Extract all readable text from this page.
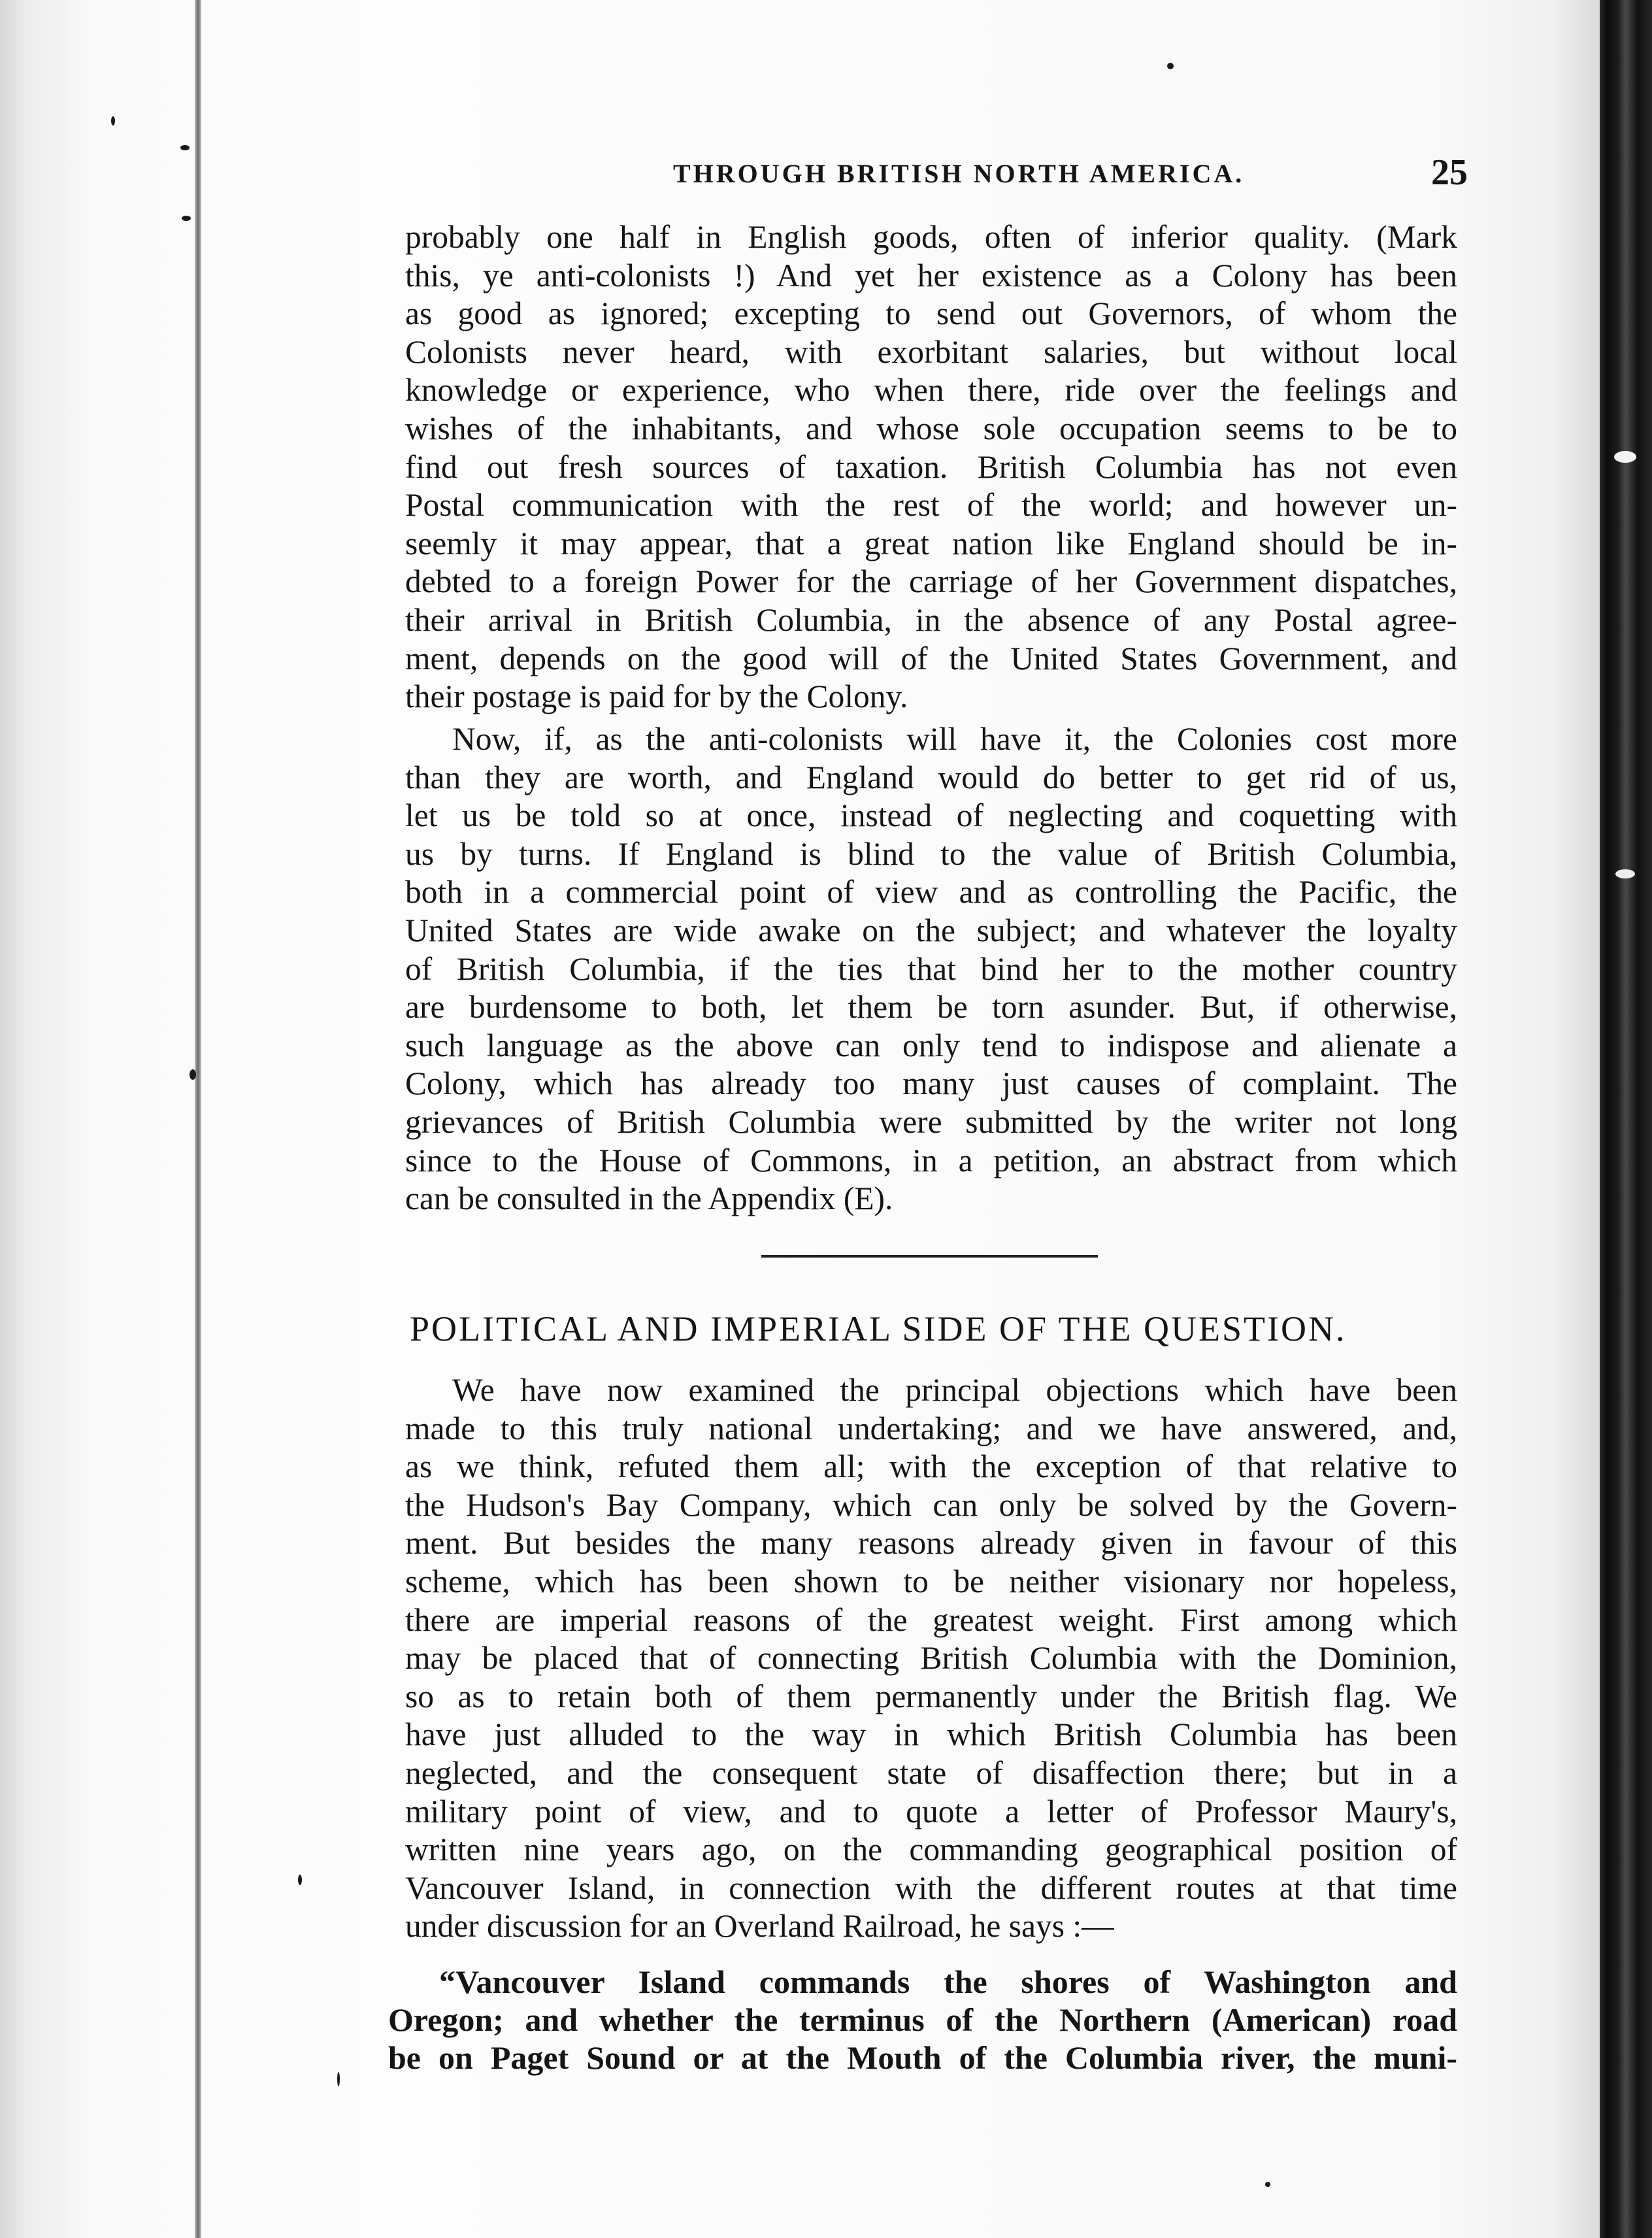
THROUGH BRITISH NORTH AMERICA.	25
probably one half in English goods, often of inferior quality. (Mark
this, ye anti-colonists !) And yet her existence as a Colony has been
as good as ignored; excepting to send out Governors, of whom the
Colonists never heard, with exorbitant salaries, but without local
knowledge or experience, who when there, ride over the feelings and
wishes of the inhabitants, and whose sole occupation seems to be to
find out fresh sources of taxation. British Columbia has not even
Postal communication with the rest of the world; and however un-
seemly it may appear, that a great nation like England should be in-
debted to a foreign Power for the carriage of her Government dispatches,
their arrival in British Columbia, in the absence of any Postal agree-
ment, depends on the good will of the United States Government, and
their postage is paid for by the Colony.
Now, if, as the anti-colonists will have it, the Colonies cost more
than they are worth, and England would do better to get rid of us,
let us be told so at once, instead of neglecting and coquetting with
us by turns. If England is blind to the value of British Columbia,
both in a commercial point of view and as controlling the Pacific, the
United States are wide awake on the subject; and whatever the loyalty
of British Columbia, if the ties that bind her to the mother country
are burdensome to both, let them be torn asunder. But, if otherwise,
such language as the above can only tend to indispose and alienate a
Colony, which has already too many just causes of complaint. The
grievances of British Columbia were submitted by the writer not long
since to the House of Commons, in a petition, an abstract from which
can be consulted in the Appendix (E).
POLITICAL AND IMPERIAL SIDE OF THE QUESTION.
We have now examined the principal objections which have been
made to this truly national undertaking; and we have answered, and,
as we think, refuted them all; with the exception of that relative to
the Hudson's Bay Company, which can only be solved by the Govern-
ment. But besides the many reasons already given in favour of this
scheme, which has been shown to be neither visionary nor hopeless,
there are imperial reasons of the greatest weight. First among which
may be placed that of connecting British Columbia with the Dominion,
so as to retain both of them permanently under the British flag. We
have just alluded to the way in which British Columbia has been
neglected, and the consequent state of disaffection there; but in a
military point of view, and to quote a letter of Professor Maury's,
written nine years ago, on the commanding geographical position of
Vancouver Island, in connection with the different routes at that time
under discussion for an Overland Railroad, he says :—
“Vancouver Island commands the shores of Washington and
Oregon; and whether the terminus of the Northern (American) road
be on Paget Sound or at the Mouth of the Columbia river, the muni-
